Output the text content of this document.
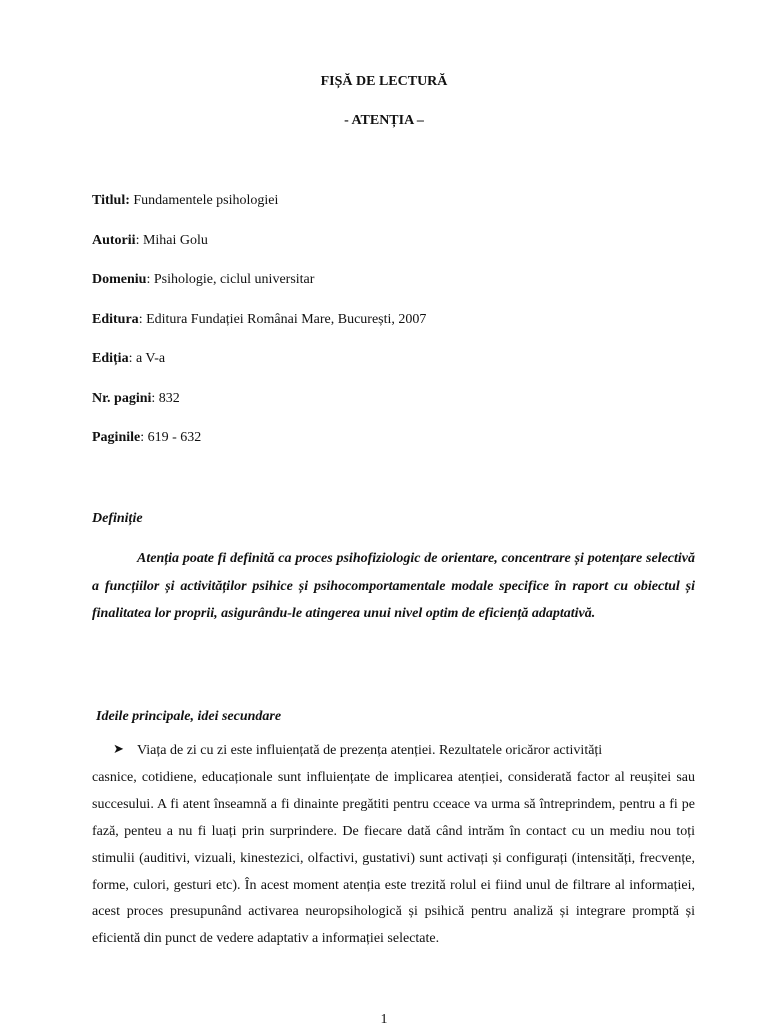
FIȘĂ DE LECTURĂ
- ATENȚIA –
Titlul: Fundamentele psihologiei
Autorii: Mihai Golu
Domeniu: Psihologie, ciclul universitar
Editura: Editura Fundației Românai Mare, București, 2007
Ediția: a V-a
Nr. pagini: 832
Paginile: 619 - 632
Definiție
Atenția poate fi definită ca proces psihofiziologic de orientare, concentrare și potențare selectivă a funcțiilor și activităților psihice și psihocomportamentale modale specifice în raport cu obiectul și finalitatea lor proprii, asigurându-le atingerea unui nivel optim de eficiență adaptativă.
Ideile principale, idei secundare
➤ Viața de zi cu zi este influiențată de prezența atenției. Rezultatele oricăror activități
casnice, cotidiene, educaționale sunt influiențate de implicarea atenției, considerată factor al reușitei sau succesului. A fi atent înseamnă a fi dinainte pregătiti pentru cceace va urma să întreprindem, pentru a fi pe fază, penteu a nu fi luați prin surprindere. De fiecare dată când intrăm în contact cu un mediu nou toți stimulii (auditivi, vizuali, kinestezici, olfactivi, gustativi) sunt activați și configurați (intensități, frecvențe, forme, culori, gesturi etc). În acest moment atenția este trezită rolul ei fiind unul de filtrare al informației, acest proces presupunând activarea neuropsihologică și psihică pentru analiză și integrare promptă și eficientă din punct de vedere adaptativ a informației selectate.
1
